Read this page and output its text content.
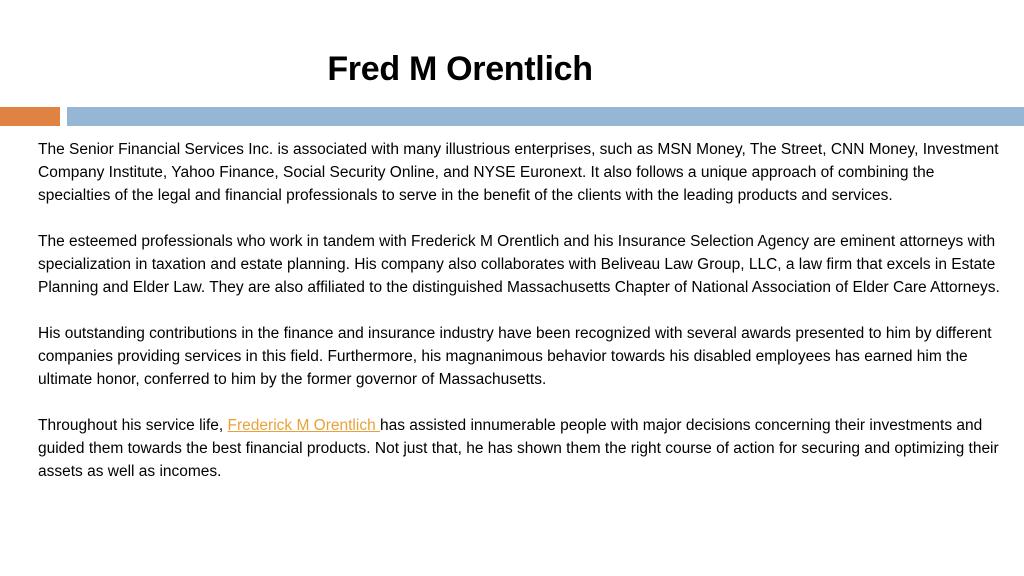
Fred M Orentlich

The Senior Financial Services Inc. is associated with many illustrious enterprises, such as MSN Money, The Street, CNN Money, Investment Company Institute, Yahoo Finance, Social Security Online, and NYSE Euronext. It also follows a unique approach of combining the specialties of the legal and financial professionals to serve in the benefit of the clients with the leading products and services.

The esteemed professionals who work in tandem with Frederick M Orentlich and his Insurance Selection Agency are eminent attorneys with specialization in taxation and estate planning. His company also collaborates with Beliveau Law Group, LLC, a law firm that excels in Estate Planning and Elder Law. They are also affiliated to the distinguished Massachusetts Chapter of National Association of Elder Care Attorneys.

His outstanding contributions in the finance and insurance industry have been recognized with several awards presented to him by different companies providing services in this field. Furthermore, his magnanimous behavior towards his disabled employees has earned him the ultimate honor, conferred to him by the former governor of Massachusetts.

Throughout his service life, Frederick M Orentlich has assisted innumerable people with major decisions concerning their investments and guided them towards the best financial products. Not just that, he has shown them the right course of action for securing and optimizing their assets as well as incomes.
